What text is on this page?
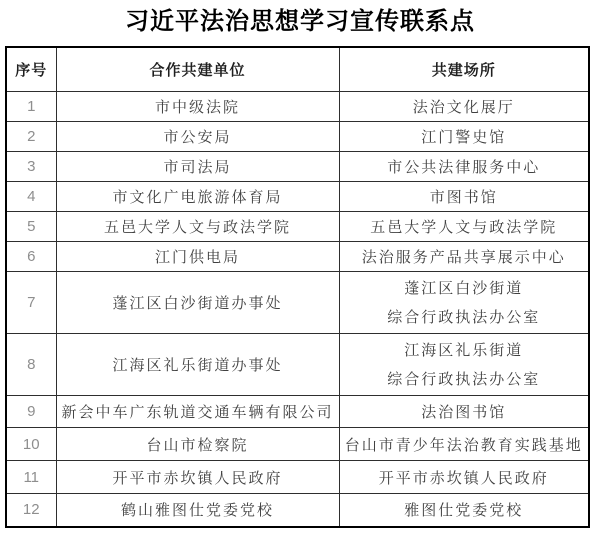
习近平法治思想学习宣传联系点
序号	合作共建单位	共建场所
1	市中级法院	法治文化展厅
2	市公安局	江门警史馆
3	市司法局	市公共法律服务中心
4	市文化广电旅游体育局	市图书馆
5	五邑大学人文与政法学院	五邑大学人文与政法学院
6	江门供电局	法治服务产品共享展示中心
7	蓬江区白沙街道办事处	蓬江区白沙街道
综合行政执法办公室

8	江海区礼乐街道办事处	江海区礼乐街道
综合行政执法办公室

9	新会中车广东轨道交通车辆有限公司	法治图书馆
10	台山市检察院	台山市青少年法治教育实践基地
11	开平市赤坎镇人民政府	开平市赤坎镇人民政府
12	鹤山雅图仕党委党校	雅图仕党委党校
